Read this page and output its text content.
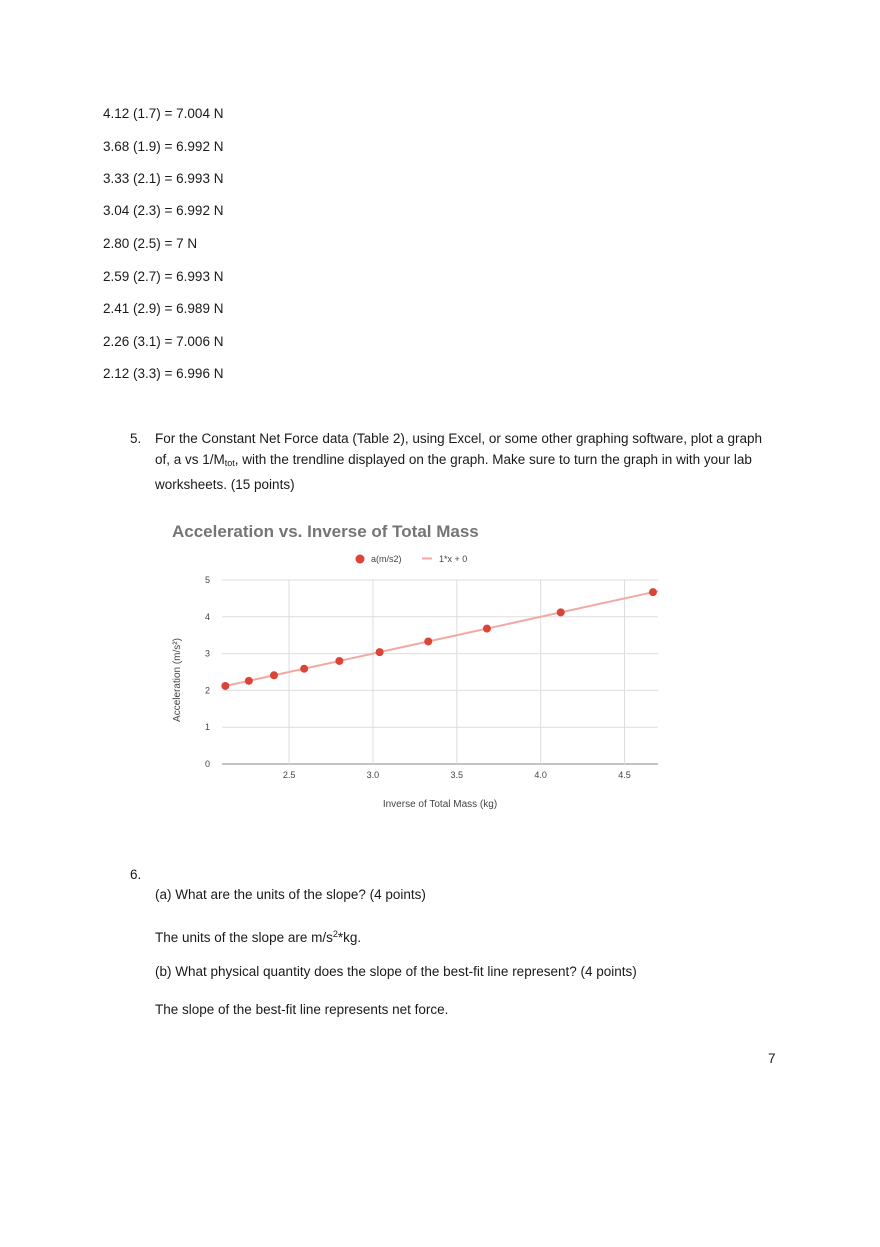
4.12 (1.7) = 7.004 N
3.68 (1.9) = 6.992 N
3.33 (2.1) = 6.993 N
3.04 (2.3) = 6.992 N
2.80 (2.5) = 7 N
2.59 (2.7) = 6.993 N
2.41 (2.9) = 6.989 N
2.26 (3.1) = 7.006 N
2.12 (3.3) = 6.996 N
5. For the Constant Net Force data (Table 2), using Excel, or some other graphing software, plot a graph of, a vs $1/M_{tot}$, with the trendline displayed on the graph. Make sure to turn the graph in with your lab worksheets. (15 points)
Acceleration vs. Inverse of Total Mass
a(m/s2)	1*x + 0
0
1
2
3
4
5
2.5	3.0	3.5	4.0	4.5
Acceleration (m/s²)
Inverse of Total Mass (kg)
6.
(a) What are the units of the slope? (4 points)
The units of the slope are $m/s^2*kg$.
(b) What physical quantity does the slope of the best-fit line represent? (4 points)
The slope of the best-fit line represents net force.
7
